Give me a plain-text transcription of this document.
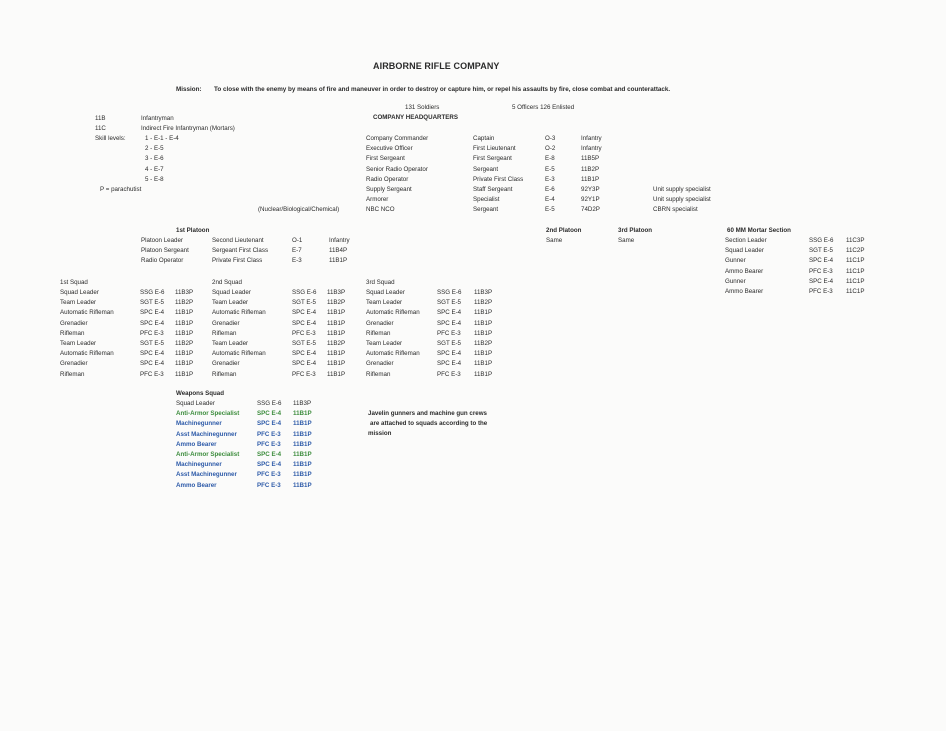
AIRBORNE RIFLE COMPANY
Mission: To close with the enemy by means of fire and maneuver in order to destroy or capture him, or repel his assaults by fire, close combat and counterattack.
131 Soldiers	5 Officers 126 Enlisted
11B	Infantryman
11C	Indirect Fire Infantryman (Mortars)
Skill levels:	1 - E-1 - E-4
2 - E-5
3 - E-6
4 - E-7
5 - E-8
P = parachutist
(Nuclear/Biological/Chemical)
COMPANY HEADQUARTERS
Company Commander	Captain	O-3	Infantry
Executive Officer	First Lieutenant	O-2	Infantry
First Sergeant	First Sergeant	E-8	11B5P
Senior Radio Operator	Sergeant	E-5	11B2P
Radio Operator	Private First Class	E-3	11B1P
Supply Sergeant	Staff Sergeant	E-6	92Y3P	Unit supply specialist
Armorer	Specialist	E-4	92Y1P	Unit supply specialist
NBC NCO	Sergeant	E-5	74D2P	CBRN specialist
1st Platoon
Platoon Leader	Second Lieutenant	O-1	Infantry
Platoon Sergeant	Sergeant First Class	E-7	11B4P
Radio Operator	Private First Class	E-3	11B1P
2nd Platoon
Same
3rd Platoon
Same
60 MM Mortar Section
Section Leader	SSG E-6 11C3P
Squad Leader	SGT E-5 11C2P
Gunner	SPC E-4 11C1P
Ammo Bearer	PFC E-3 11C1P
Gunner	SPC E-4 11C1P
Ammo Bearer	PFC E-3 11C1P
1st Squad
Squad Leader	SSG E-6 11B3P
Team Leader	SGT E-5 11B2P
Automatic Rifleman	SPC E-4 11B1P
Grenadier	SPC E-4 11B1P
Rifleman	PFC E-3 11B1P
Team Leader	SGT E-5 11B2P
Automatic Rifleman	SPC E-4 11B1P
Grenadier	SPC E-4 11B1P
Rifleman	PFC E-3 11B1P
2nd Squad
Squad Leader	SSG E-6 11B3P
Team Leader	SGT E-5 11B2P
Automatic Rifleman	SPC E-4 11B1P
Grenadier	SPC E-4 11B1P
Rifleman	PFC E-3 11B1P
Team Leader	SGT E-5 11B2P
Automatic Rifleman	SPC E-4 11B1P
Grenadier	SPC E-4 11B1P
Rifleman	PFC E-3 11B1P
3rd Squad
Squad Leader	SSG E-6 11B3P
Team Leader	SGT E-5 11B2P
Automatic Rifleman	SPC E-4 11B1P
Grenadier	SPC E-4 11B1P
Rifleman	PFC E-3 11B1P
Team Leader	SGT E-5 11B2P
Automatic Rifleman	SPC E-4 11B1P
Grenadier	SPC E-4 11B1P
Rifleman	PFC E-3 11B1P
Weapons Squad
Squad Leader	SSG E-6 11B3P
Anti-Armor Specialist	SPC E-4 11B1P
Machinegunner	SPC E-4 11B1P
Asst Machinegunner	PFC E-3 11B1P
Ammo Bearer	PFC E-3 11B1P
Anti-Armor Specialist	SPC E-4 11B1P
Machinegunner	SPC E-4 11B1P
Asst Machinegunner	PFC E-3 11B1P
Ammo Bearer	PFC E-3 11B1P
Javelin gunners and machine gun crews
are attached to squads according to the
mission
